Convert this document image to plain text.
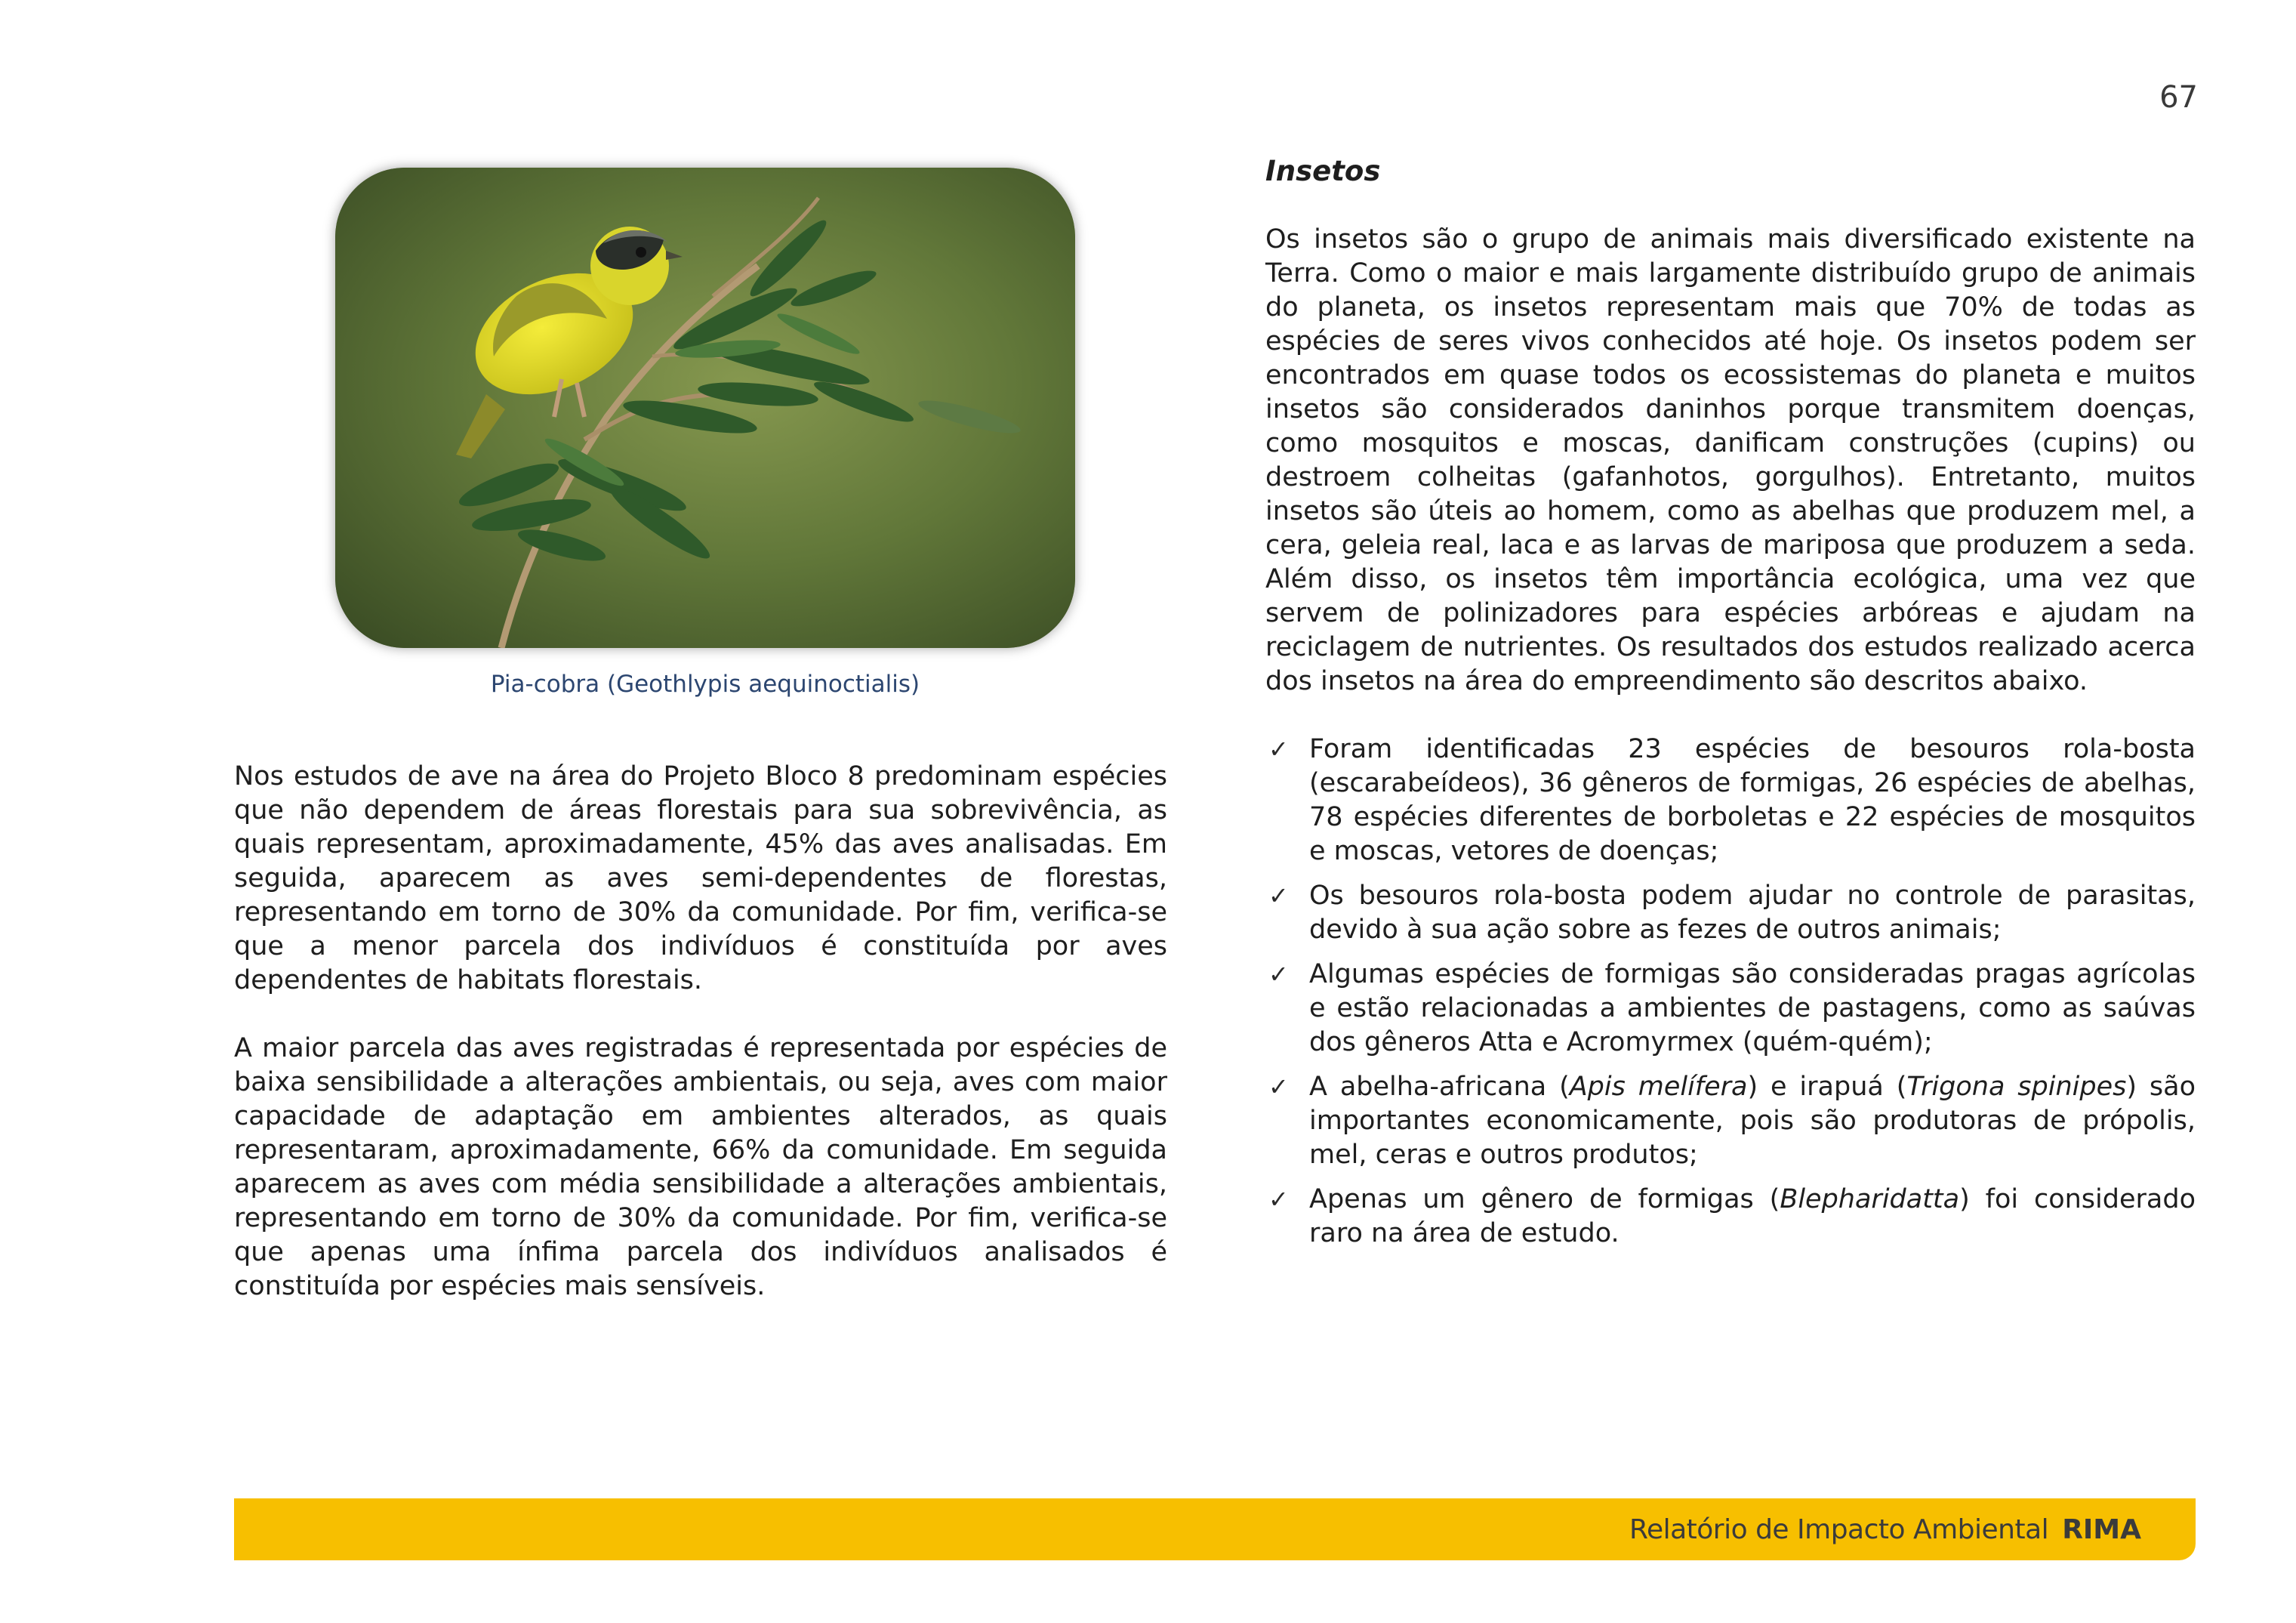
67
Pia-cobra (Geothlypis aequinoctialis)

Nos estudos de ave na área do Projeto Bloco 8 predominam espécies que não dependem de áreas florestais para sua sobrevivência, as quais representam, aproximadamente, 45% das aves analisadas. Em seguida, aparecem as aves semi-dependentes de florestas, representando em torno de 30% da comunidade. Por fim, verifica-se que a menor parcela dos indivíduos é constituída por aves dependentes de habitats florestais.

A maior parcela das aves registradas é representada por espécies de baixa sensibilidade a alterações ambientais, ou seja, aves com maior capacidade de adaptação em ambientes alterados, as quais representaram, aproximadamente, 66% da comunidade. Em seguida aparecem as aves com média sensibilidade a alterações ambientais, representando em torno de 30% da comunidade. Por fim, verifica-se que apenas uma ínfima parcela dos indivíduos analisados é constituída por espécies mais sensíveis.

Insetos

Os insetos são o grupo de animais mais diversificado existente na Terra. Como o maior e mais largamente distribuído grupo de animais do planeta, os insetos representam mais que 70% de todas as espécies de seres vivos conhecidos até hoje. Os insetos podem ser encontrados em quase todos os ecossistemas do planeta e muitos insetos são considerados daninhos porque transmitem doenças, como mosquitos e moscas, danificam construções (cupins) ou destroem colheitas (gafanhotos, gorgulhos). Entretanto, muitos insetos são úteis ao homem, como as abelhas que produzem mel, a cera, geleia real, laca e as larvas de mariposa que produzem a seda. Além disso, os insetos têm importância ecológica, uma vez que servem de polinizadores para espécies arbóreas e ajudam na reciclagem de nutrientes. Os resultados dos estudos realizado acerca dos insetos na área do empreendimento são descritos abaixo.

✓ Foram identificadas 23 espécies de besouros rola-bosta (escarabeídeos), 36 gêneros de formigas, 26 espécies de abelhas, 78 espécies diferentes de borboletas e 22 espécies de mosquitos e moscas, vetores de doenças;
✓ Os besouros rola-bosta podem ajudar no controle de parasitas, devido à sua ação sobre as fezes de outros animais;
✓ Algumas espécies de formigas são consideradas pragas agrícolas e estão relacionadas a ambientes de pastagens, como as saúvas dos gêneros Atta e Acromyrmex (quém-quém);
✓ A abelha-africana (Apis melífera) e irapuá (Trigona spinipes) são importantes economicamente, pois são produtoras de própolis, mel, ceras e outros produtos;
✓ Apenas um gênero de formigas (Blepharidatta) foi considerado raro na área de estudo.
Relatório de Impacto Ambiental RIMA
